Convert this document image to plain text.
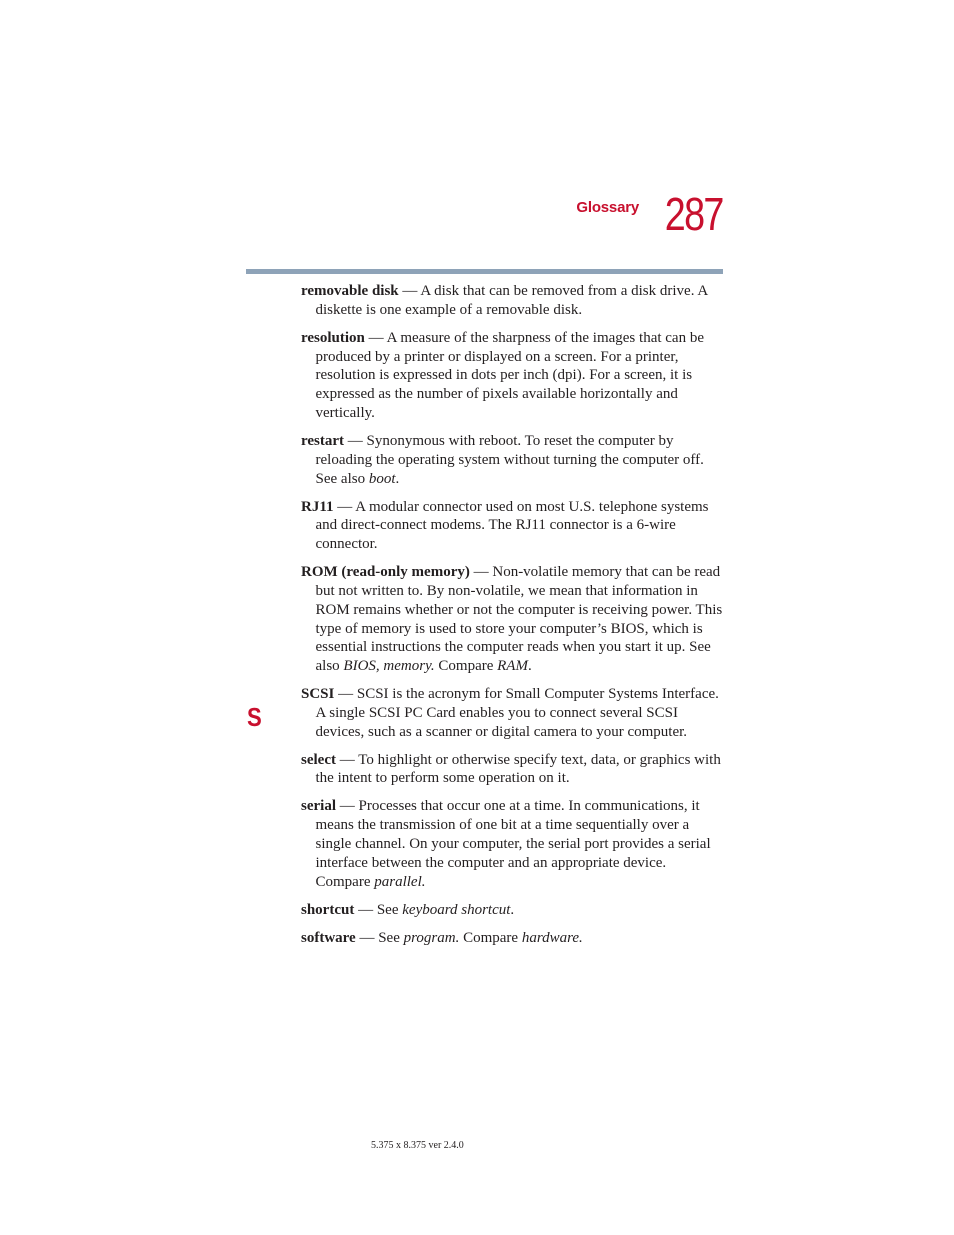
Glossary 287
S

removable disk — A disk that can be removed from a disk drive. A diskette is one example of a removable disk.

resolution — A measure of the sharpness of the images that can be produced by a printer or displayed on a screen. For a printer, resolution is expressed in dots per inch (dpi). For a screen, it is expressed as the number of pixels available horizontally and vertically.

restart — Synonymous with reboot. To reset the computer by reloading the operating system without turning the computer off. See also boot.

RJ11 — A modular connector used on most U.S. telephone systems and direct-connect modems. The RJ11 connector is a 6-wire connector.

ROM (read-only memory) — Non-volatile memory that can be read but not written to. By non-volatile, we mean that information in ROM remains whether or not the computer is receiving power. This type of memory is used to store your computer’s BIOS, which is essential instructions the computer reads when you start it up. See also BIOS, memory. Compare RAM.

SCSI — SCSI is the acronym for Small Computer Systems Interface. A single SCSI PC Card enables you to connect several SCSI devices, such as a scanner or digital camera to your computer.

select — To highlight or otherwise specify text, data, or graphics with the intent to perform some operation on it.

serial — Processes that occur one at a time. In communications, it means the transmission of one bit at a time sequentially over a single channel. On your computer, the serial port provides a serial interface between the computer and an appropriate device. Compare parallel.

shortcut — See keyboard shortcut.

software — See program. Compare hardware.

5.375 x 8.375 ver 2.4.0
